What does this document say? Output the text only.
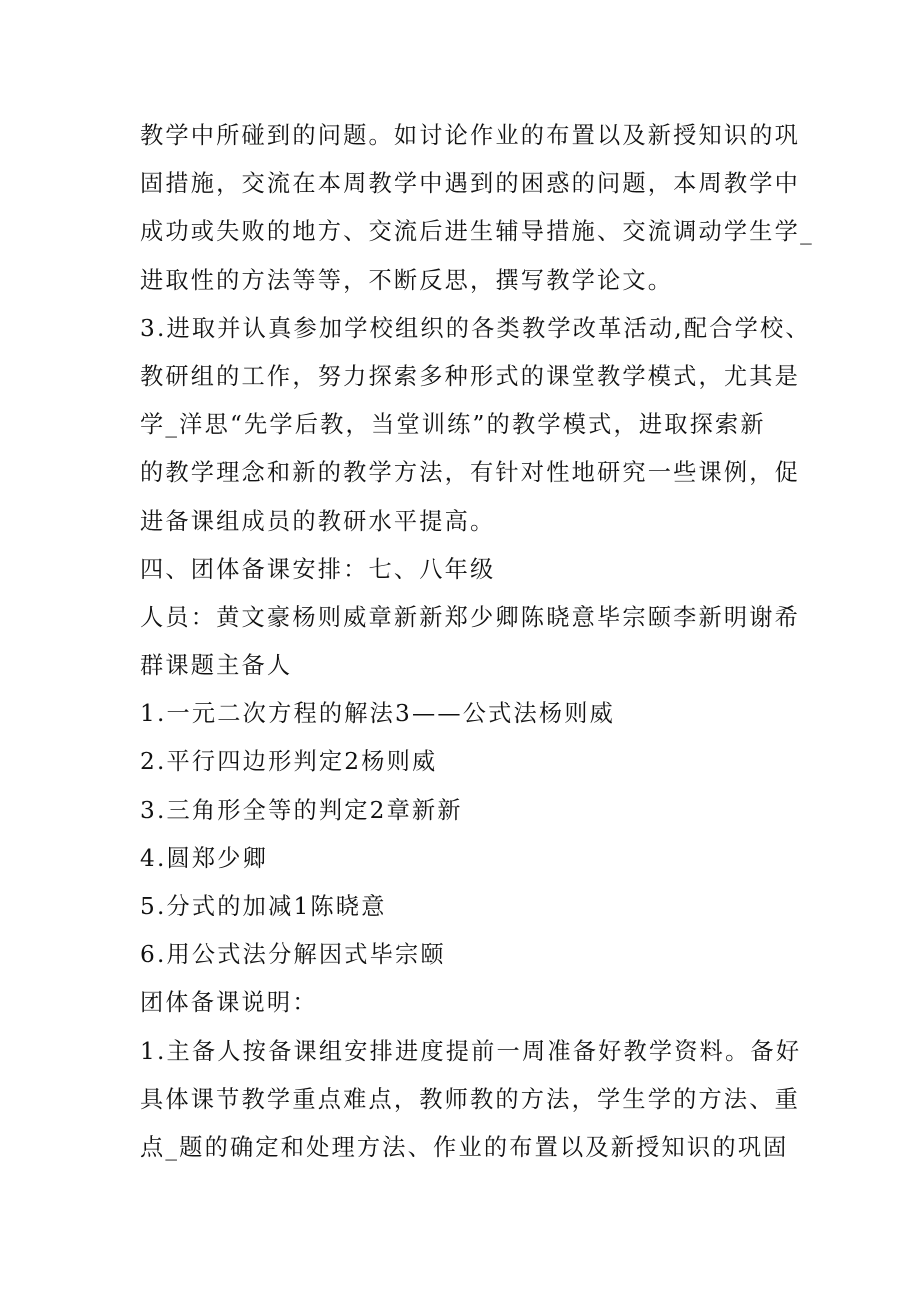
教学中所碰到的问题。如讨论作业的布置以及新授知识的巩
固措施，交流在本周教学中遇到的困惑的问题，本周教学中
成功或失败的地方、交流后进生辅导措施、交流调动学生学_
进取性的方法等等，不断反思，撰写教学论文。
3.进取并认真参加学校组织的各类教学改革活动,配合学校、
教研组的工作，努力探索多种形式的课堂教学模式，尤其是
学_洋思“先学后教，当堂训练”的教学模式，进取探索新
的教学理念和新的教学方法，有针对性地研究一些课例，促
进备课组成员的教研水平提高。
四、团体备课安排：七、八年级
人员：黄文豪杨则威章新新郑少卿陈晓意毕宗颐李新明谢希
群课题主备人
1.一元二次方程的解法3——公式法杨则威
2.平行四边形判定2杨则威
3.三角形全等的判定2章新新
4.圆郑少卿
5.分式的加减1陈晓意
6.用公式法分解因式毕宗颐
团体备课说明：
1.主备人按备课组安排进度提前一周准备好教学资料。备好
具体课节教学重点难点，教师教的方法，学生学的方法、重
点_题的确定和处理方法、作业的布置以及新授知识的巩固
